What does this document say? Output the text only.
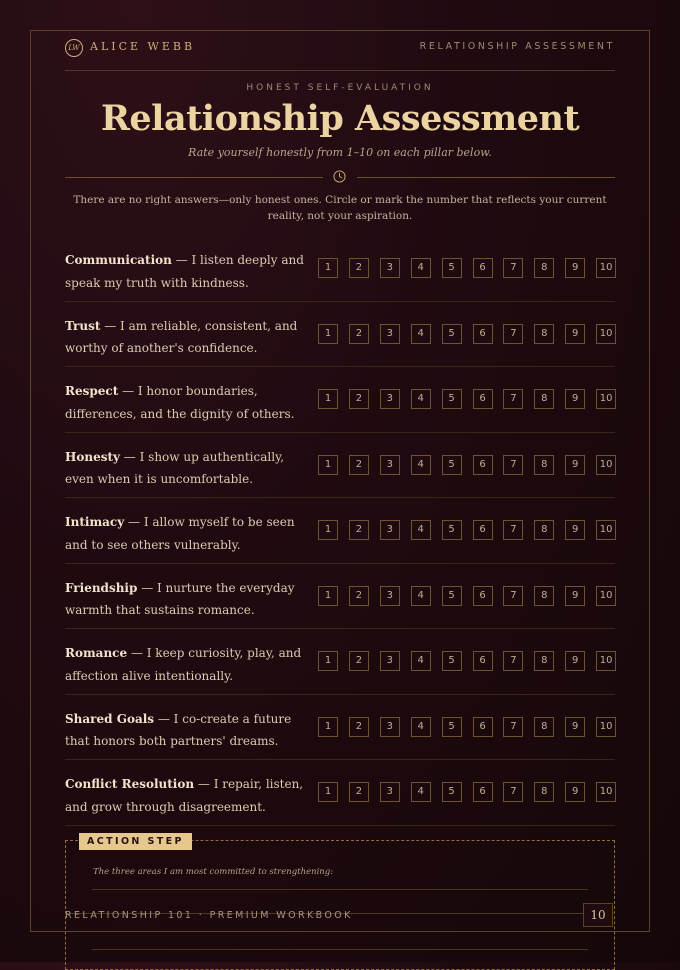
LW ALICE WEBB	RELATIONSHIP ASSESSMENT
HONEST SELF-EVALUATION
Relationship Assessment
Rate yourself honestly from 1–10 on each pillar below.
There are no right answers—only honest ones. Circle or mark the number that reflects your current reality, not your aspiration.
Communication — I listen deeply and speak my truth with kindness.
1	2	3	4	5	6	7	8	9	10
Trust — I am reliable, consistent, and worthy of another's confidence.
1	2	3	4	5	6	7	8	9	10
Respect — I honor boundaries, differences, and the dignity of others.
1	2	3	4	5	6	7	8	9	10
Honesty — I show up authentically, even when it is uncomfortable.
1	2	3	4	5	6	7	8	9	10
Intimacy — I allow myself to be seen and to see others vulnerably.
1	2	3	4	5	6	7	8	9	10
Friendship — I nurture the everyday warmth that sustains romance.
1	2	3	4	5	6	7	8	9	10
Romance — I keep curiosity, play, and affection alive intentionally.
1	2	3	4	5	6	7	8	9	10
Shared Goals — I co-create a future that honors both partners' dreams.
1	2	3	4	5	6	7	8	9	10
Conflict Resolution — I repair, listen, and grow through disagreement.
1	2	3	4	5	6	7	8	9	10
ACTION STEP
The three areas I am most committed to strengthening:
RELATIONSHIP 101 · PREMIUM WORKBOOK	10
